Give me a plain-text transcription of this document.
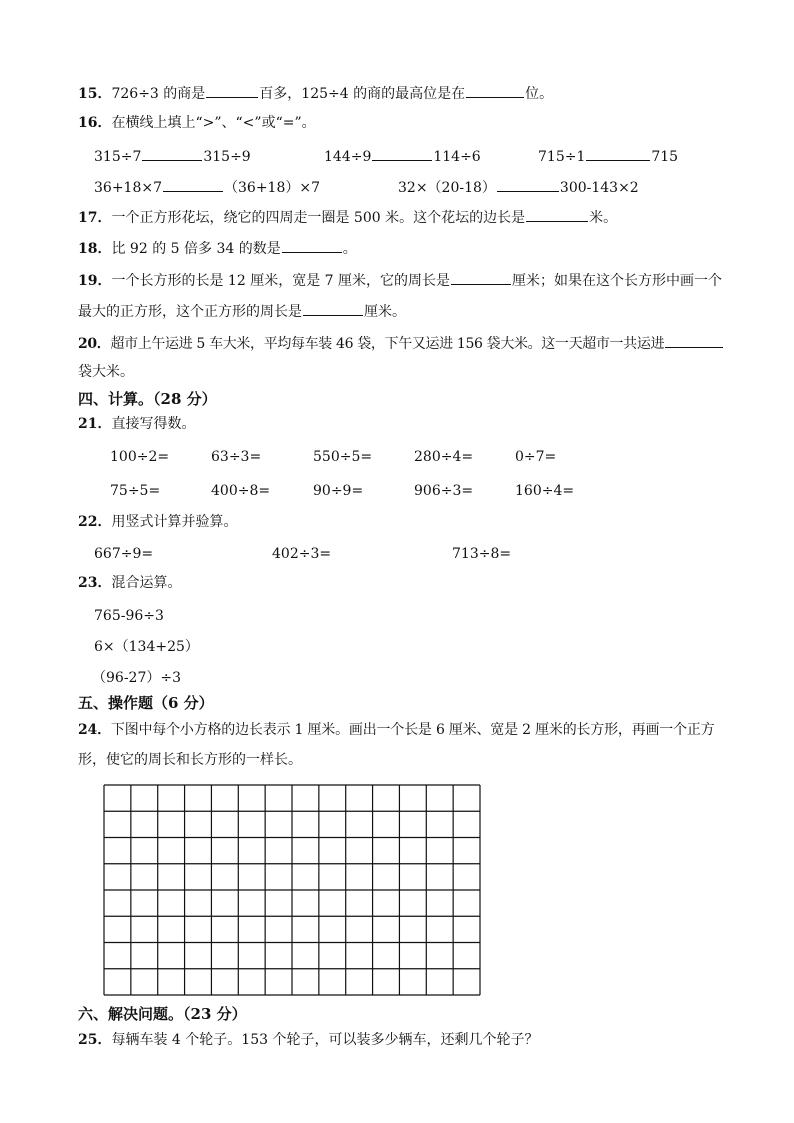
15．726÷3 的商是	百多，125÷4 的商的最高位是在	位。
16．在横线上填上“>”、“<”或“=”。
315÷7	315÷9	144÷9	114÷6	715÷1	715
36+18×7	（36+18）×7	32×（20-18）	300-143×2
17．一个正方形花坛，绕它的四周走一圈是 500 米。这个花坛的边长是	米。
18．比 92 的 5 倍多 34 的数是	。
19．一个长方形的长是 12 厘米，宽是 7 厘米，它的周长是	厘米；如果在这个长方形中画一个
最大的正方形，这个正方形的周长是	厘米。
20．超市上午运进 5 车大米，平均每车装 46 袋，下午又运进 156 袋大米。这一天超市一共运进
袋大米。
四、计算。（28 分）
21．直接写得数。
100÷2=	63÷3=	550÷5=	280÷4=	0÷7=
75÷5=	400÷8=	90÷9=	906÷3=	160÷4=
22．用竖式计算并验算。
667÷9=	402÷3=	713÷8=
23．混合运算。
765-96÷3
6×（134+25）
（96-27）÷3
五、操作题（6 分）
24．下图中每个小方格的边长表示 1 厘米。画出一个长是 6 厘米、宽是 2 厘米的长方形，再画一个正方
形，使它的周长和长方形的一样长。
六、解决问题。（23 分）
25．每辆车装 4 个轮子。153 个轮子，可以装多少辆车，还剩几个轮子？
